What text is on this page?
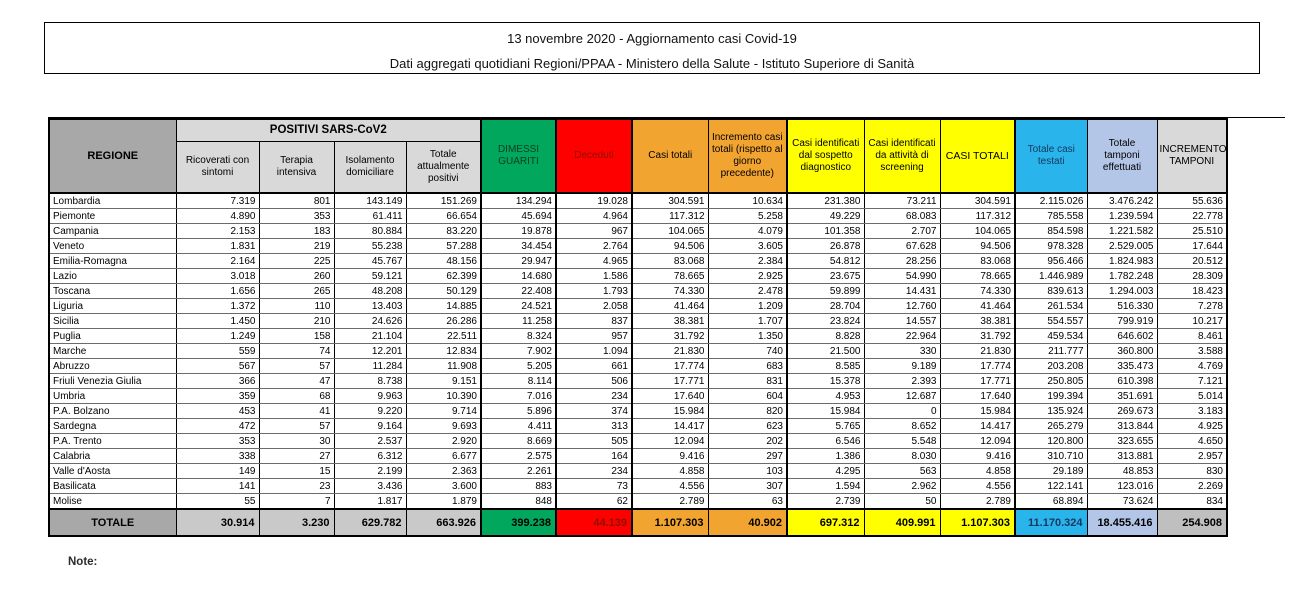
13 novembre 2020 - Aggiornamento casi Covid-19
Dati aggregati quotidiani Regioni/PPAA - Ministero della Salute - Istituto Superiore di Sanità
REGIONE	POSITIVI SARS-CoV2				DIMESSI GUARITI	Deceduti	Casi totali	Incremento casi totali (rispetto al giorno precedente)	Casi identificati dal sospetto diagnostico	Casi identificati da attività di screening	CASI TOTALI	Totale casi testati	Totale tamponi effettuati	INCREMENTO TAMPONI
	Ricoverati con sintomi	Terapia intensiva	Isolamento domiciliare	Totale attualmente positivi										
Lombardia	7.319	801	143.149	151.269	134.294	19.028	304.591	10.634	231.380	73.211	304.591	2.115.026	3.476.242	55.636
Piemonte	4.890	353	61.411	66.654	45.694	4.964	117.312	5.258	49.229	68.083	117.312	785.558	1.239.594	22.778
Campania	2.153	183	80.884	83.220	19.878	967	104.065	4.079	101.358	2.707	104.065	854.598	1.221.582	25.510
Veneto	1.831	219	55.238	57.288	34.454	2.764	94.506	3.605	26.878	67.628	94.506	978.328	2.529.005	17.644
Emilia-Romagna	2.164	225	45.767	48.156	29.947	4.965	83.068	2.384	54.812	28.256	83.068	956.466	1.824.983	20.512
Lazio	3.018	260	59.121	62.399	14.680	1.586	78.665	2.925	23.675	54.990	78.665	1.446.989	1.782.248	28.309
Toscana	1.656	265	48.208	50.129	22.408	1.793	74.330	2.478	59.899	14.431	74.330	839.613	1.294.003	18.423
Liguria	1.372	110	13.403	14.885	24.521	2.058	41.464	1.209	28.704	12.760	41.464	261.534	516.330	7.278
Sicilia	1.450	210	24.626	26.286	11.258	837	38.381	1.707	23.824	14.557	38.381	554.557	799.919	10.217
Puglia	1.249	158	21.104	22.511	8.324	957	31.792	1.350	8.828	22.964	31.792	459.534	646.602	8.461
Marche	559	74	12.201	12.834	7.902	1.094	21.830	740	21.500	330	21.830	211.777	360.800	3.588
Abruzzo	567	57	11.284	11.908	5.205	661	17.774	683	8.585	9.189	17.774	203.208	335.473	4.769
Friuli Venezia Giulia	366	47	8.738	9.151	8.114	506	17.771	831	15.378	2.393	17.771	250.805	610.398	7.121
Umbria	359	68	9.963	10.390	7.016	234	17.640	604	4.953	12.687	17.640	199.394	351.691	5.014
P.A. Bolzano	453	41	9.220	9.714	5.896	374	15.984	820	15.984	0	15.984	135.924	269.673	3.183
Sardegna	472	57	9.164	9.693	4.411	313	14.417	623	5.765	8.652	14.417	265.279	313.844	4.925
P.A. Trento	353	30	2.537	2.920	8.669	505	12.094	202	6.546	5.548	12.094	120.800	323.655	4.650
Calabria	338	27	6.312	6.677	2.575	164	9.416	297	1.386	8.030	9.416	310.710	313.881	2.957
Valle d'Aosta	149	15	2.199	2.363	2.261	234	4.858	103	4.295	563	4.858	29.189	48.853	830
Basilicata	141	23	3.436	3.600	883	73	4.556	307	1.594	2.962	4.556	122.141	123.016	2.269
Molise	55	7	1.817	1.879	848	62	2.789	63	2.739	50	2.789	68.894	73.624	834
TOTALE	30.914	3.230	629.782	663.926	399.238	44.139	1.107.303	40.902	697.312	409.991	1.107.303	11.170.324	18.455.416	254.908
Note:
